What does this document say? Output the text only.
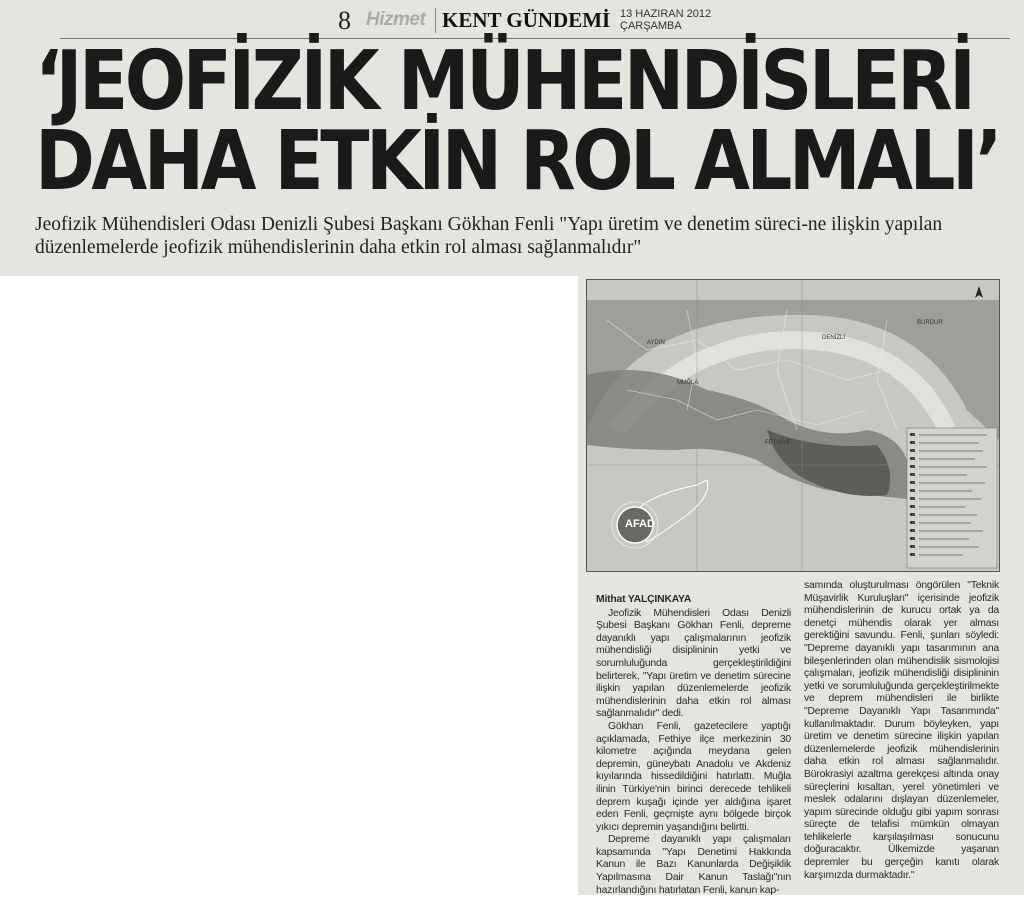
8 Hizmet KENT GÜNDEMİ 13 HAZIRAN 2012
ÇARŞAMBA
‘JEOFİZİK MÜHENDİSLERİ
DAHA ETKİN ROL ALMALI’
Jeofizik Mühendisleri Odası Denizli Şubesi Başkanı Gökhan Fenli "Yapı üretim ve denetim süreci-ne ilişkin yapılan düzenlemelerde jeofizik mühendislerinin daha etkin rol alması sağlanmalıdır"
MUĞLA
DENİZLİ
AYDIN
FETHİYE
BURDUR
AFAD

Mithat YALÇINKAYA

Jeofizik Mühendisleri Odası Denizli Şubesi Başkanı Gökhan Fenli, depreme dayanıklı yapı çalışmalarının jeofizik mühendisliği disiplininin yetki ve sorumluluğunda gerçekleştirildiğini belirterek, "Yapı üretim ve denetim sürecine ilişkin yapılan düzenlemelerde jeofizik mühendislerinin daha etkin rol alması sağlanmalıdır" dedi.

Gökhan Fenli, gazetecilere yaptığı açıklamada, Fethiye ilçe merkezinin 30 kilometre açığında meydana gelen depremin, güneybatı Anadolu ve Akdeniz kıyılarında hissedildiğini hatırlattı. Muğla ilinin Türkiye'nin birinci derecede tehlikeli deprem kuşağı içinde yer aldığına işaret eden Fenli, geçmişte aynı bölgede birçok yıkıcı depremin yaşandığını belirtti.

Depreme dayanıklı yapı çalışmaları kapsamında "Yapı Denetimi Hakkında Kanun ile Bazı Kanunlarda Değişiklik Yapılmasına Dair Kanun Taslağı"nın hazırlandığını hatırlatan Fenli, kanun kap-

samında oluşturulması öngörülen "Teknik Müşavirlik Kuruluşları" içerisinde jeofizik mühendislerinin de kurucu ortak ya da denetçi mühendis olarak yer alması gerektiğini savundu. Fenli, şunları söyledi: "Depreme dayanıklı yapı tasarımının ana bileşenlerinden olan mühendislik sismolojisi çalışmaları, jeofizik mühendisliği disiplininin yetki ve sorumluluğunda gerçekleştirilmekte ve deprem mühendisleri ile birlikte "Depreme Dayanıklı Yapı Tasarımında" kullanılmaktadır. Durum böyleyken, yapı üretim ve denetim sürecine ilişkin yapılan düzenlemelerde jeofizik mühendislerinin daha etkin rol alması sağlanmalıdır. Bürokrasiyi azaltma gerekçesi altında onay süreçlerini kısaltan, yerel yönetimleri ve meslek odalarını dışlayan düzenlemeler, yapım sürecinde olduğu gibi yapım sonrası süreçte de telafisi mümkün olmayan tehlikelerle karşılaşılması sonucunu doğuracaktır. Ülkemizde yaşanan depremler bu gerçeğin kanıtı olarak karşımızda durmaktadır."
